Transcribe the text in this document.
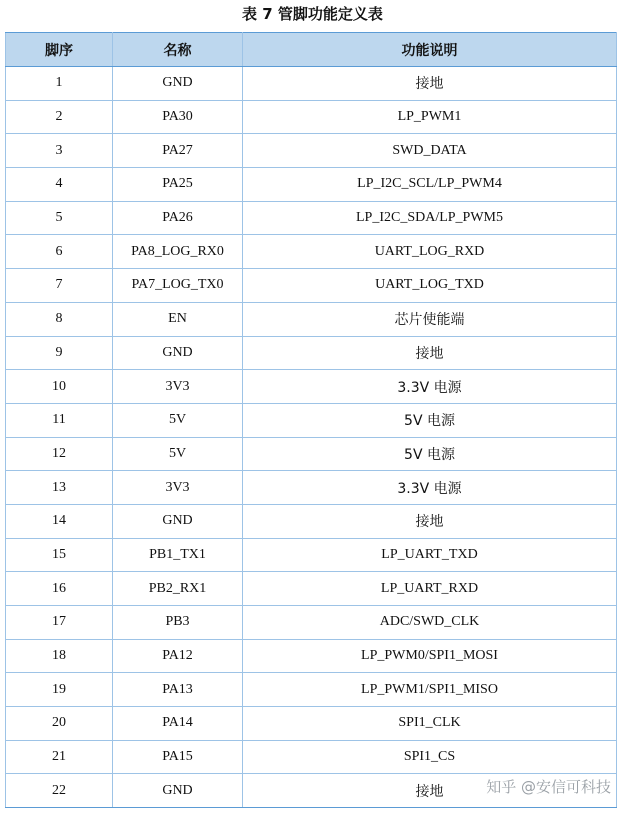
表 7 管脚功能定义表
脚序	名称	功能说明
1	GND	接地
2	PA30	LP_PWM1
3	PA27	SWD_DATA
4	PA25	LP_I2C_SCL/LP_PWM4
5	PA26	LP_I2C_SDA/LP_PWM5
6	PA8_LOG_RX0	UART_LOG_RXD
7	PA7_LOG_TX0	UART_LOG_TXD
8	EN	芯片使能端
9	GND	接地
10	3V3	3.3V 电源
11	5V	5V 电源
12	5V	5V 电源
13	3V3	3.3V 电源
14	GND	接地
15	PB1_TX1	LP_UART_TXD
16	PB2_RX1	LP_UART_RXD
17	PB3	ADC/SWD_CLK
18	PA12	LP_PWM0/SPI1_MOSI
19	PA13	LP_PWM1/SPI1_MISO
20	PA14	SPI1_CLK
21	PA15	SPI1_CS
22	GND	接地	知乎 @安信可科技
